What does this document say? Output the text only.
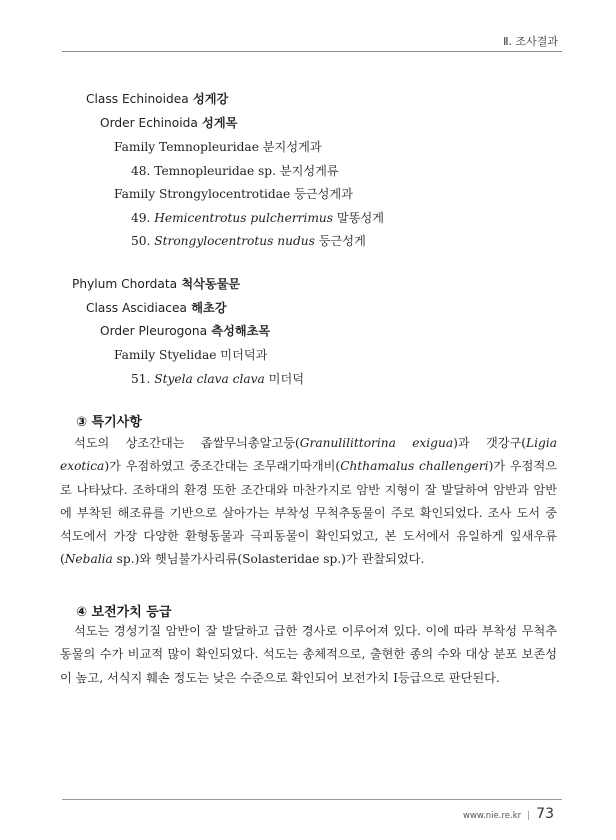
Ⅱ. 조사결과
Class Echinoidea 성게강
Order Echinoida 성게목
Family Temnopleuridae 분지성게과
48. Temnopleuridae sp. 분지성게류
Family Strongylocentrotidae 둥근성게과
49. Hemicentrotus pulcherrimus 말똥성게
50. Strongylocentrotus nudus 둥근성게
Phylum Chordata 척삭동물문
Class Ascidiacea 해초강
Order Pleurogona 측성해초목
Family Styelidae 미더덕과
51. Styela clava clava 미더덕
③ 특기사항
석도의 상조간대는 좁쌀무늬총알고둥(Granulilittorina exigua)과 갯강구(Ligia exotica)가 우점하였고 중조간대는 조무래기따개비(Chthamalus challengeri)가 우점적으로 나타났다. 조하대의 환경 또한 조간대와 마찬가지로 암반 지형이 잘 발달하여 암반과 암반에 부착된 해조류를 기반으로 살아가는 부착성 무척추동물이 주로 확인되었다. 조사 도서 중 석도에서 가장 다양한 환형동물과 극피동물이 확인되었고, 본 도서에서 유일하게 잎새우류(Nebalia sp.)와 햇님불가사리류(Solasteridae sp.)가 관찰되었다.
④ 보전가치 등급
석도는 경성기질 암반이 잘 발달하고 급한 경사로 이루어져 있다. 이에 따라 부착성 무척추동물의 수가 비교적 많이 확인되었다. 석도는 총체적으로, 출현한 종의 수와 대상 분포 보존성이 높고, 서식지 훼손 정도는 낮은 수준으로 확인되어 보전가치 Ⅰ등급으로 판단된다.
www.nie.re.kr | 73
